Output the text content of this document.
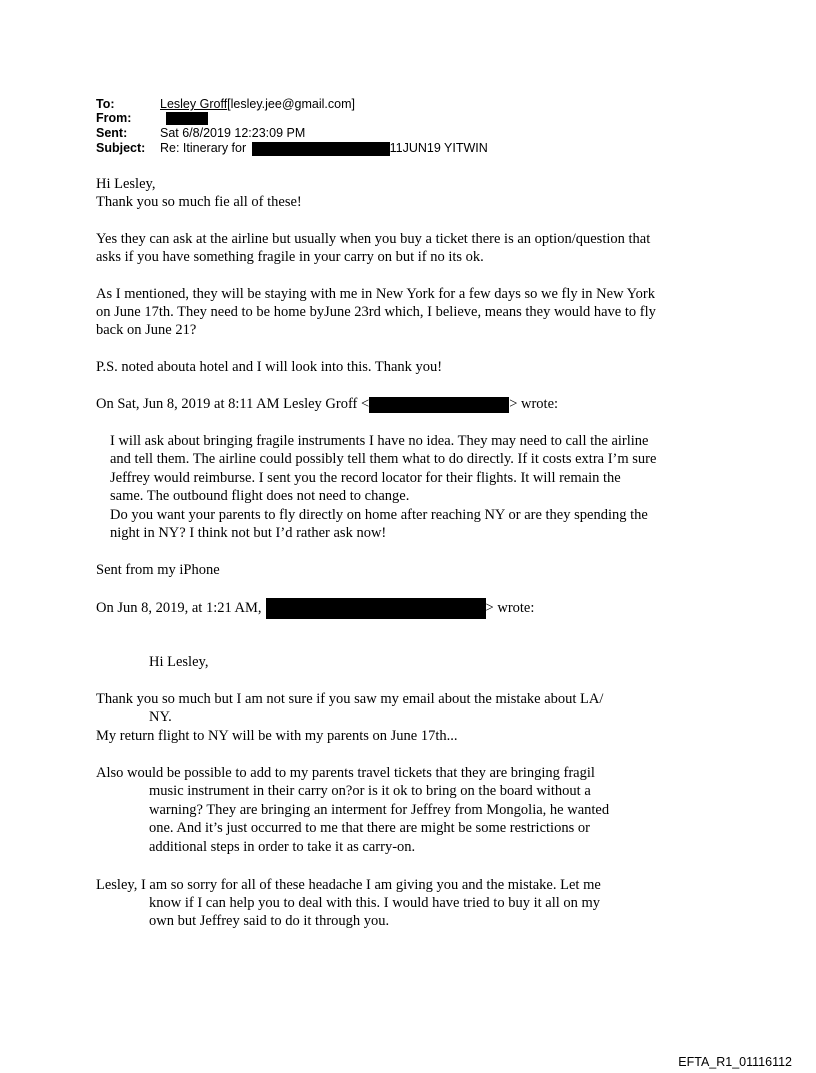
To:	Lesley Groff[lesley.jee@gmail.com]
From:
Sent:	Sat 6/8/2019 12:23:09 PM
Subject: Re: Itinerary for	11JUN19 YITWIN
Hi Lesley,
Thank you so much fie all of these!
Yes they can ask at the airline but usually when you buy a ticket there is an option/question that
asks if you have something fragile in your carry on but if no its ok.
As I mentioned, they will be staying with me in New York for a few days so we fly in New York
on June 17th. They need to be home byJune 23rd which, I believe, means they would have to fly
back on June 21?
P.S. noted abouta hotel and I will look into this. Thank you!
On Sat, Jun 8, 2019 at 8:11 AM Lesley Groff <	> wrote:
I will ask about bringing fragile instruments I have no idea. They may need to call the airline
and tell them. The airline could possibly tell them what to do directly. If it costs extra I’m sure
Jeffrey would reimburse. I sent you the record locator for their flights. It will remain the
same. The outbound flight does not need to change.
Do you want your parents to fly directly on home after reaching NY or are they spending the
night in NY? I think not but I’d rather ask now!
Sent from my iPhone
On Jun 8, 2019, at 1:21 AM,	> wrote:
Hi Lesley,
Thank you so much but I am not sure if you saw my email about the mistake about LA/
NY.
My return flight to NY will be with my parents on June 17th...
Also would be possible to add to my parents travel tickets that they are bringing fragil
music instrument in their carry on?or is it ok to bring on the board without a
warning? They are bringing an interment for Jeffrey from Mongolia, he wanted
one. And it’s just occurred to me that there are might be some restrictions or
additional steps in order to take it as carry-on.
Lesley, I am so sorry for all of these headache I am giving you and the mistake. Let me
know if I can help you to deal with this. I would have tried to buy it all on my
own but Jeffrey said to do it through you.
EFTA_R1_01116112
